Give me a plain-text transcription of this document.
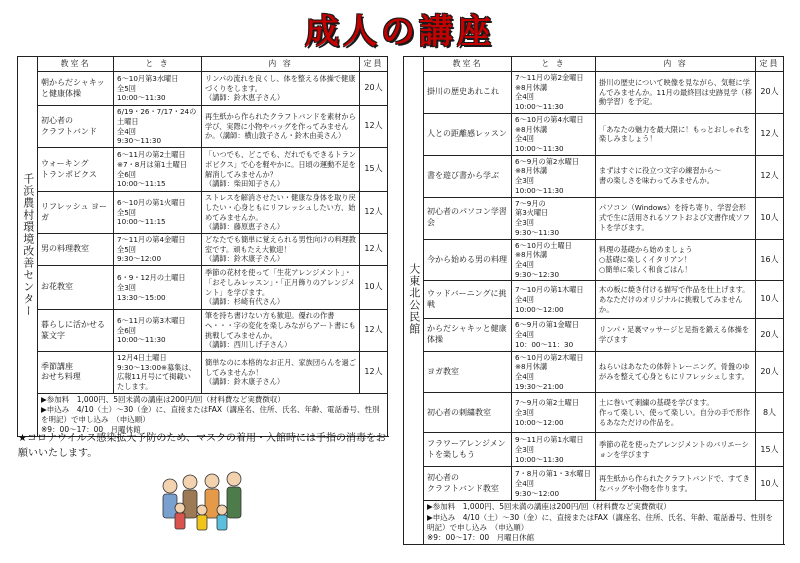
成人の講座
千浜農村環境改善センター	教室名	と き	内 容	定員
	朝からだシャキッと健康体操	6〜10月第3水曜日
全5回
10:00〜11:30	リンパの流れを良くし、体を整える体操で健康づくりをします。
（講師：鈴木恵子さん）	20人
	初心者の
クラフトバンド	6/19・26・7/17・24の土曜日
全4回
9:30〜11:30	再生紙から作られたクラフトバンドを素材から学び、実際に小物やバッグを作ってみませんか。（講師：横山敦子さん・鈴木由美さん）	12人
	ウォーキング
トランポビクス	6〜11月の第2土曜日
※7・8月は第1土曜日
全6回
10:00〜11:15	「いつでも、どこでも、だれでもできるトランポビクス」で心を軽やかに。日頃の運動不足を解消してみませんか？
（講師：柴田知子さん）	15人
	リフレッシュ ヨーガ	6〜10月の第1火曜日
全5回
10:00〜11:15	ストレスを解消させたい・健康な身体を取り戻したい・心身ともにリフレッシュしたい方、始めてみませんか。
（講師：藤原恵子さん）	12人
	男の料理教室	7〜11月の第4金曜日
全5回
9:30〜12:00	どなたでも簡単に覚えられる男性向けの料理教室です。頑もたえ大歓迎！
（講師：鈴木康子さん）	12人
	お花教室	6・9・12月の土曜日
全3回
13:30〜15:00	季節の花材を使って「生花アレンジメント」・「おそしみレッスン」・「正月飾りのアレンジメント」を学びます。
（講師：杉崎有代さん）	10人
	暮らしに活かせる篆文字	6〜11月の第3木曜日
全6回
10:00〜11:30	筆を持ち書けない方も歓迎。優れの作書へ・・・字の変化を楽しみながらアート書にも挑戦してみませんか。
（講師：西川しげ子さん）	12人
	季節講座
おせち料理	12月4日土曜日
9:30〜13:00※募集は、
広報11月号にて掲載いたします。	簡単なのに本格的なお正月、家族団らんを過ごしてみませんか！
（講師：鈴木康子さん）	12人
	▶参加料　1,000円、5回未満の講座は200円/回（材料費など実費徴収）
▶申込み　4/10（土）〜30（金）に、直接またはFAX（講座名、住所、氏名、年齢、電話番号、性別を明記）で申し込み　（申込順）
※9：00〜17：00　月曜休館			
大東北公民館	教室名	と き	内 容	定員
	掛川の歴史あれこれ	7〜11月の第2金曜日
※8月休講
全4回
10:00〜11:30	掛川の歴史について映像を見ながら、気軽に学んでみませんか。11月の最終回は史跡見学（移動学習）を予定。	20人
	人との距離感レッスン	6〜10月の第4水曜日
※8月休講
全4回
10:00〜11:30	「あなたの魅力を最大限に！もっとおしゃれを楽しみましょう！	12人
	書を遊び書から学ぶ	6〜9月の第2水曜日
※8月休講
全3回
10:00〜11:30	まずはすぐに役立つ文字の練習から～
書の楽しさを味わってみませんか。	12人
	初心者のパソコン学習会	7〜9月の
第3火曜日
全3回
9:30〜11:30	パソコン（Windows）を持ち寄り、学習会形式で生に活用されるソフトおよび文書作成ソフトを学びます。	10人
	今から始める男の料理	6〜10月の土曜日
※8月休講
全4回
9:30〜12:30	料理の基礎から始めましょう
○基礎に楽しくイタリアン！
○簡単に楽しく和食ごはん！	16人
	ウッドバーニングに挑戦	7〜10月の第1木曜日
全4回
10:00〜12:00	木の板に焼き付ける描写で作品を仕上げます。あなただけのオリジナルに挑戦してみませんか。	10人
	からだシャキッと健康体操	6〜9月の第1金曜日
全4回
10：00〜11：30	リンパ・足裏マッサージと足指を鍛える体操を学びます	20人
	ヨガ教室	6〜10月の第2木曜日
※8月休講
全4回
19:30〜21:00	ねらいはあなたの体幹トレーニング。骨盤のゆがみを整えて心身ともにリフレッシュします。	20人
	初心者の刺繍教室	7〜9月の第2土曜日
全3回
10:00〜12:00	土に巻いて刺繍の基礎を学びます。
作って楽しい、使って楽しい。自分の手で形作るあなただけの作品を。	8人
	フラワーアレンジメントを楽しもう	9〜11月の第1水曜日
全3回
10:00〜11:30	季節の花を使ったアレンジメントのバリエーションを学びます	15人
	初心者の
クラフトバンド教室	7・8月の第1・3水曜日
全4回
9:30〜12:00	再生紙から作られたクラフトバンドで、すてきなバッグや小物を作ります。	10人
	▶参加料　1,000円、5回未満の講座は200円/回（材料費など実費徴収）
▶申込み　4/10（土）〜30（金）に、直接またはFAX（講座名、住所、氏名、年齢、電話番号、性別を明記）で申し込み　（申込順）
※9：00〜17：00　月曜日休館			
★コロナウイルス感染拡大予防のため、マスクの着用・入館時には手指の消毒をお願いいたします。
